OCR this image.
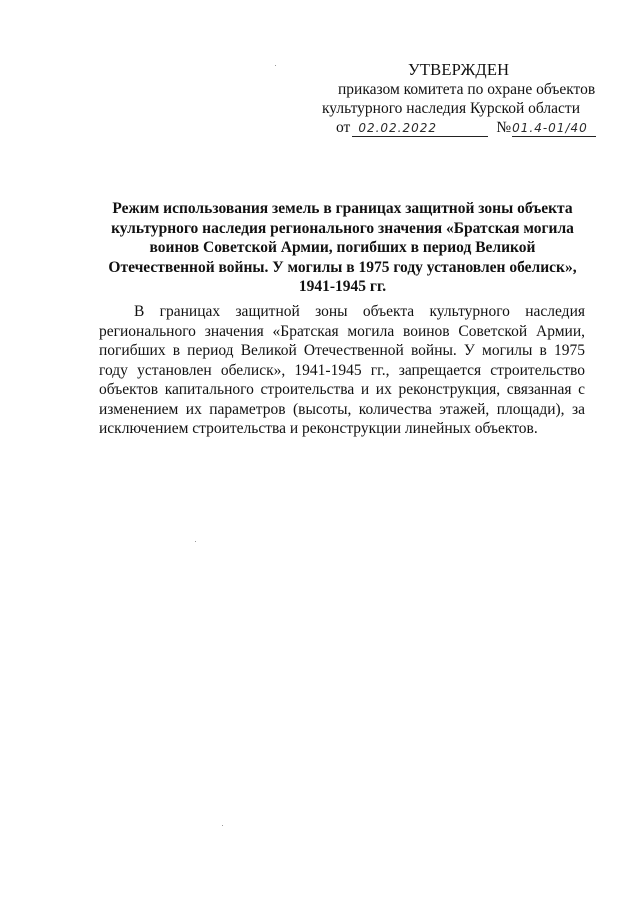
УТВЕРЖДЕН
приказом комитета по охране объектов
культурного наследия Курской области
от 02.02.2022	№ 01.4-01/40
Режим использования земель в границах защитной зоны объекта культурного наследия регионального значения «Братская могила воинов Советской Армии, погибших в период Великой Отечественной войны. У могилы в 1975 году установлен обелиск», 1941-1945 гг.
В границах защитной зоны объекта культурного наследия регионального значения «Братская могила воинов Советской Армии, погибших в период Великой Отечественной войны. У могилы в 1975 году установлен обелиск», 1941-1945 гг., запрещается строительство объектов капитального строительства и их реконструкция, связанная с изменением их параметров (высоты, количества этажей, площади), за исключением строительства и реконструкции линейных объектов.
